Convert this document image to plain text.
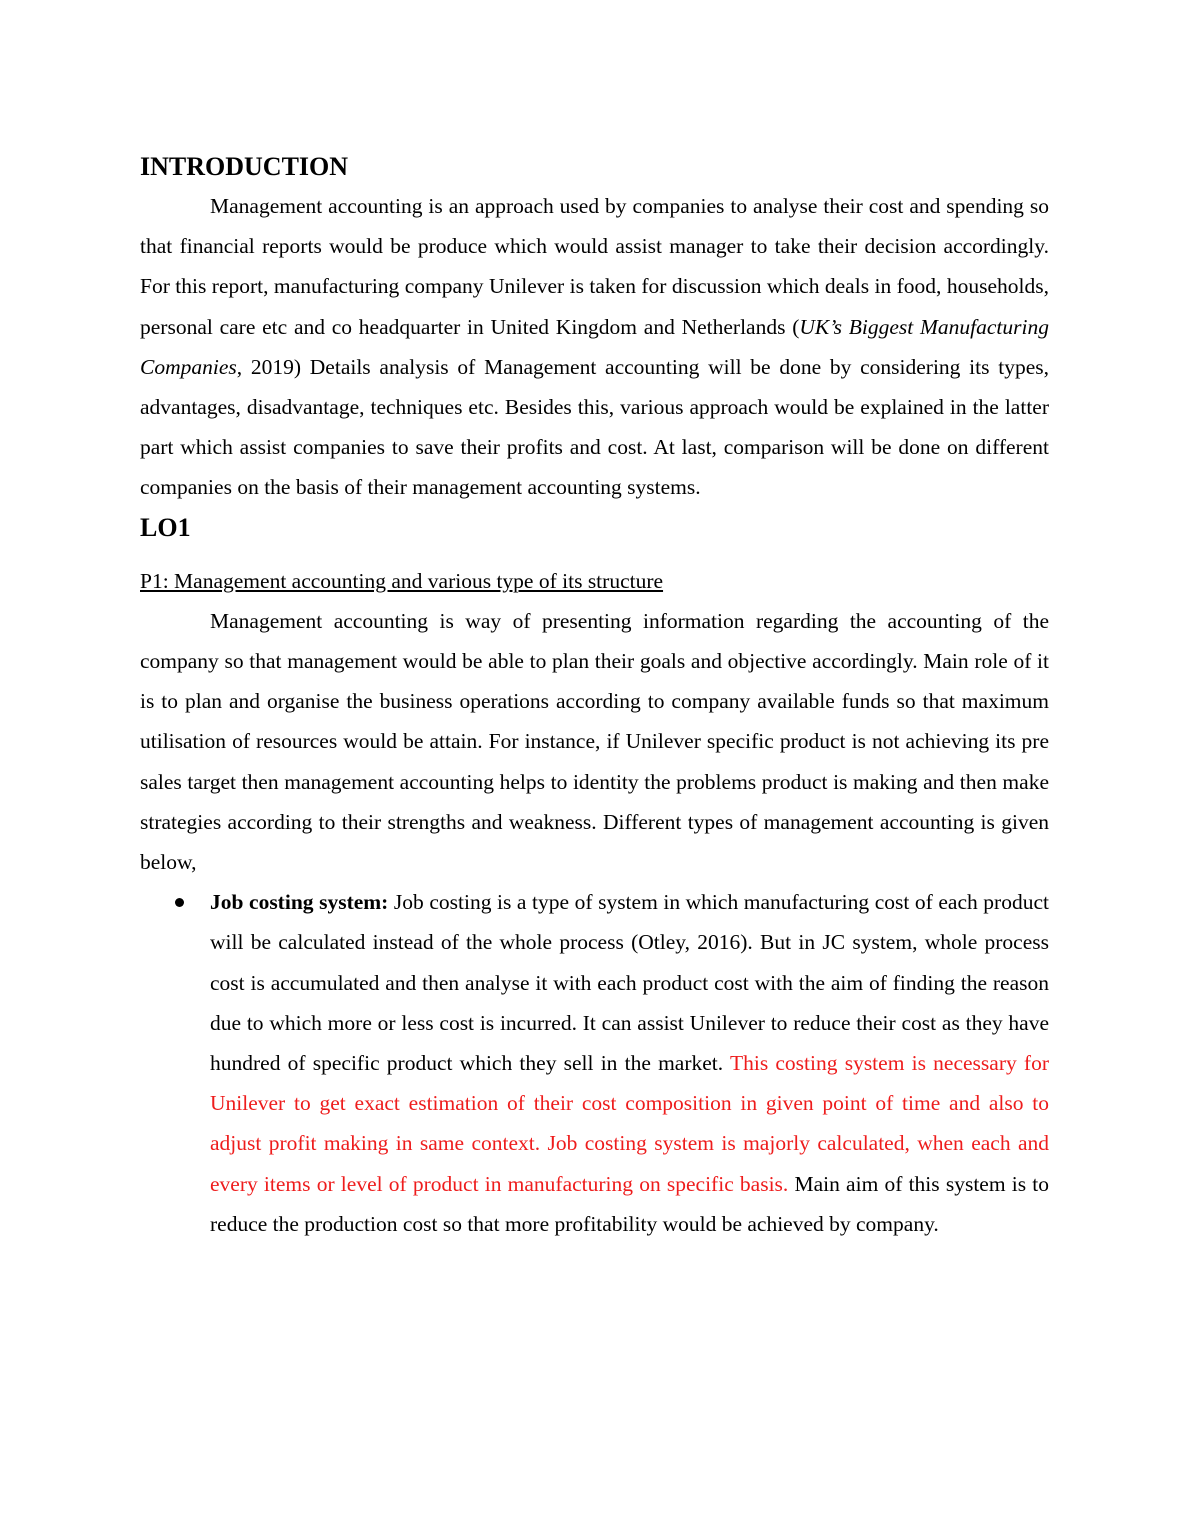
INTRODUCTION

Management accounting is an approach used by companies to analyse their cost and spending so that financial reports would be produce which would assist manager to take their decision accordingly. For this report, manufacturing company Unilever is taken for discussion which deals in food, households, personal care etc and co headquarter in United Kingdom and Netherlands (UK’s Biggest Manufacturing Companies, 2019) Details analysis of Management accounting will be done by considering its types, advantages, disadvantage, techniques etc. Besides this, various approach would be explained in the latter part which assist companies to save their profits and cost. At last, comparison will be done on different companies on the basis of their management accounting systems.

LO1

P1: Management accounting and various type of its structure

Management accounting is way of presenting information regarding the accounting of the company so that management would be able to plan their goals and objective accordingly. Main role of it is to plan and organise the business operations according to company available funds so that maximum utilisation of resources would be attain. For instance, if Unilever specific product is not achieving its pre sales target then management accounting helps to identity the problems product is making and then make strategies according to their strengths and weakness. Different types of management accounting is given below,

Job costing system: Job costing is a type of system in which manufacturing cost of each product will be calculated instead of the whole process (Otley, 2016). But in JC system, whole process cost is accumulated and then analyse it with each product cost with the aim of finding the reason due to which more or less cost is incurred. It can assist Unilever to reduce their cost as they have hundred of specific product which they sell in the market. This costing system is necessary for Unilever to get exact estimation of their cost composition in given point of time and also to adjust profit making in same context. Job costing system is majorly calculated, when each and every items or level of product in manufacturing on specific basis. Main aim of this system is to reduce the production cost so that more profitability would be achieved by company.
